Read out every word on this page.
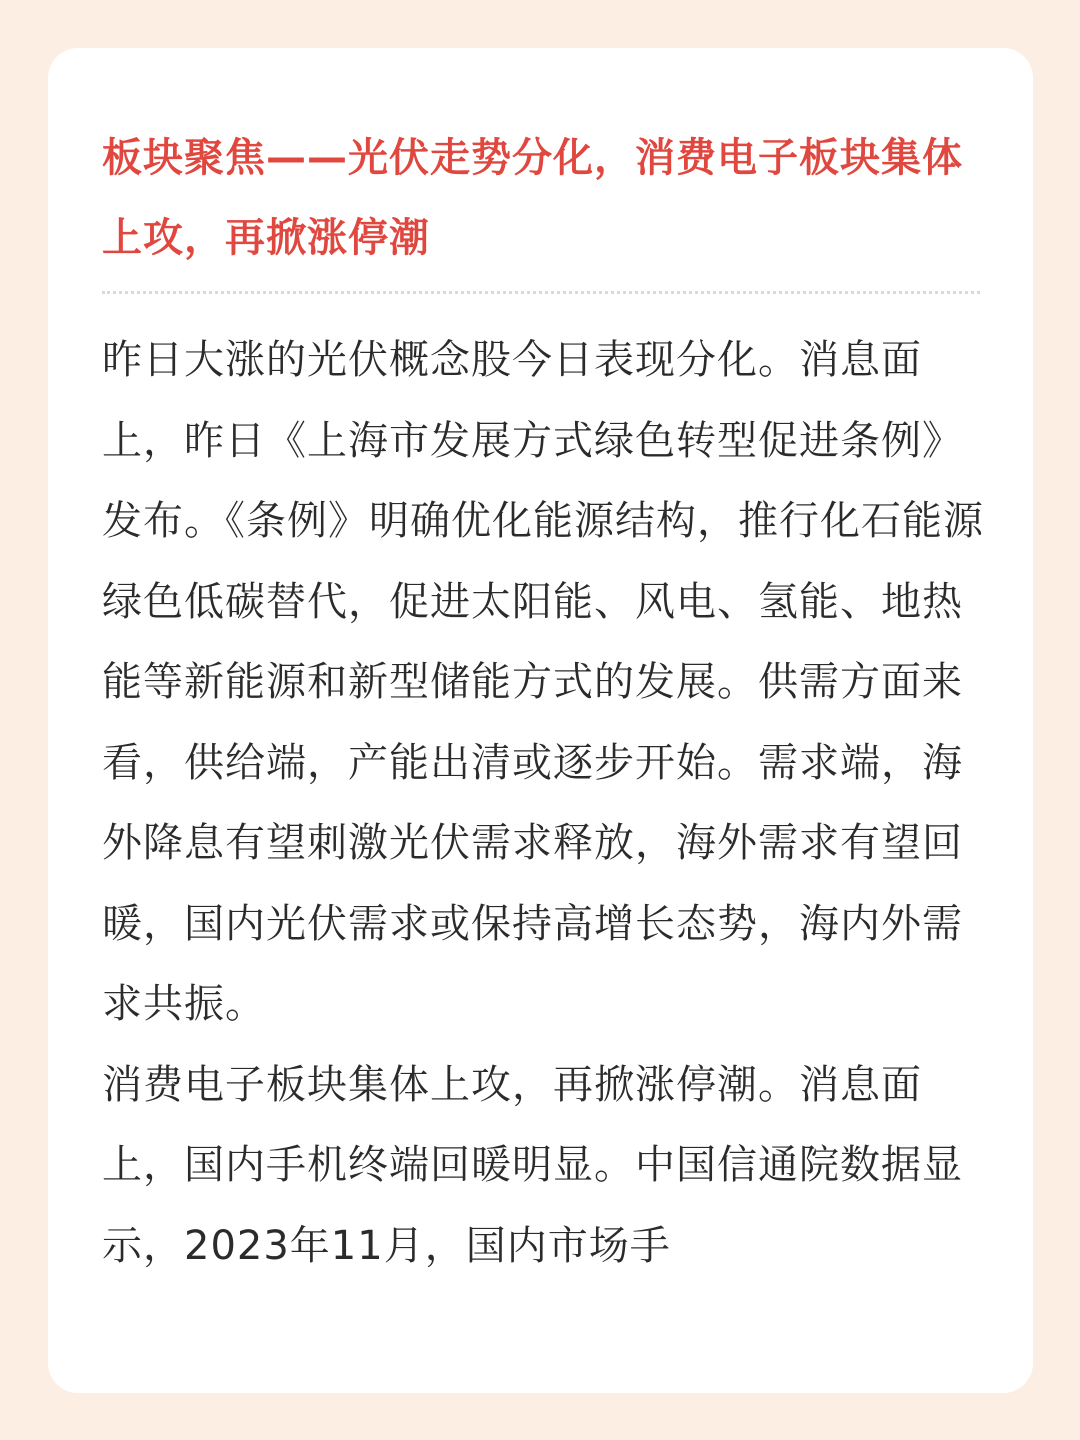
板块聚焦——光伏走势分化，消费电子板块集体上攻，再掀涨停潮

昨日大涨的光伏概念股今日表现分化。消息面上，昨日《上海市发展方式绿色转型促进条例》发布。《条例》明确优化能源结构，推行化石能源绿色低碳替代，促进太阳能、风电、氢能、地热能等新能源和新型储能方式的发展。供需方面来看，供给端，产能出清或逐步开始。需求端，海外降息有望刺激光伏需求释放，海外需求有望回暖，国内光伏需求或保持高增长态势，海内外需求共振。

消费电子板块集体上攻，再掀涨停潮。消息面上，国内手机终端回暖明显。中国信通院数据显示，2023年11月，国内市场手
